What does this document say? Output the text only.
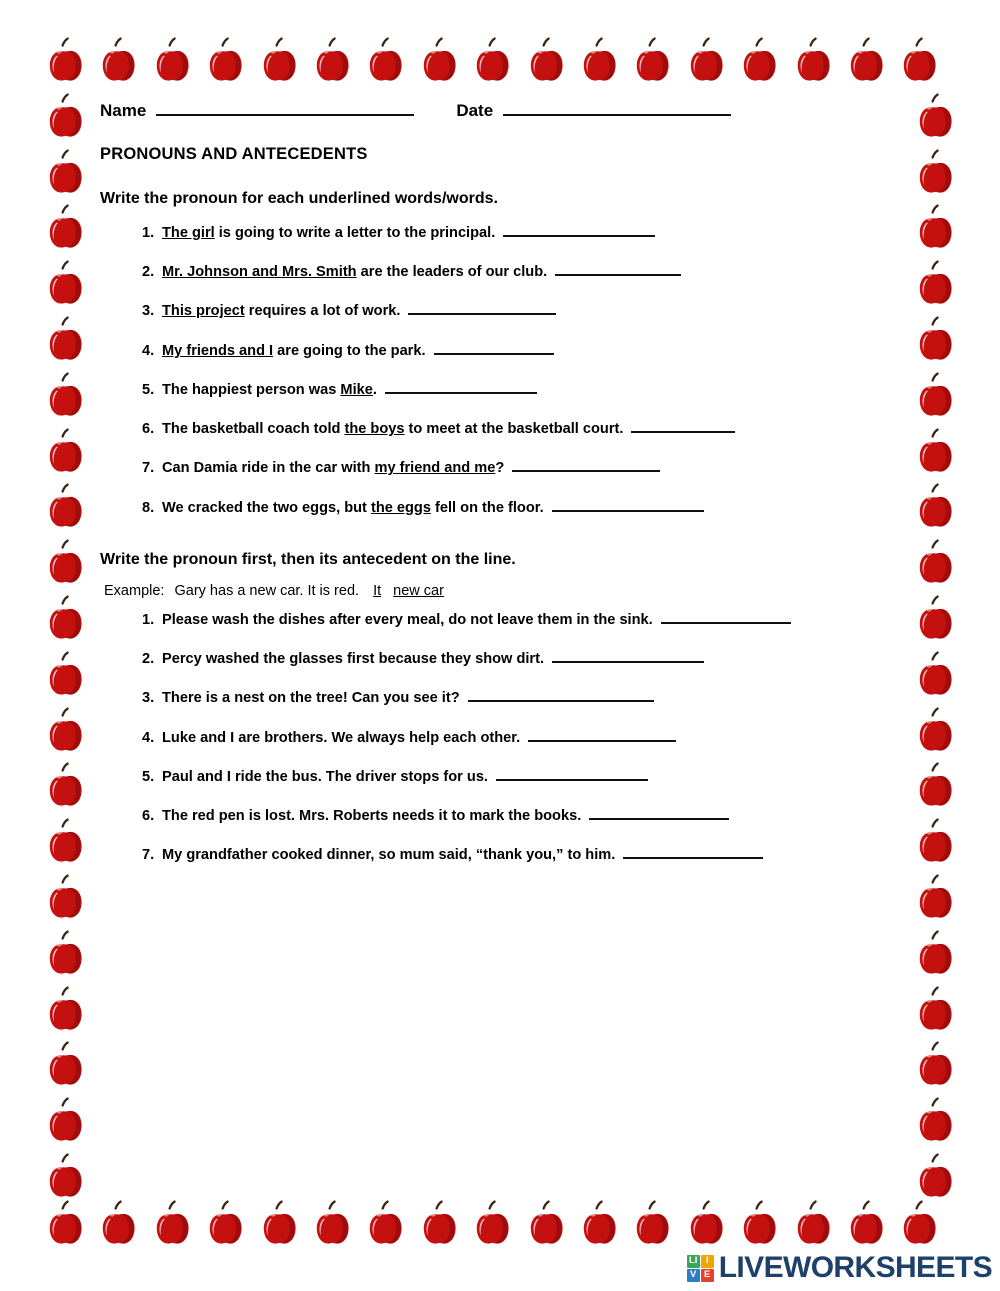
Name	Date
PRONOUNS AND ANTECEDENTS
Write the pronoun for each underlined words/words.
1. The girl is going to write a letter to the principal.
2. Mr. Johnson and Mrs. Smith are the leaders of our club.
3. This project requires a lot of work.
4. My friends and I are going to the park.
5. The happiest person was Mike.
6. The basketball coach told the boys to meet at the basketball court.
7. Can Damia ride in the car with my friend and me?
8. We cracked the two eggs, but the eggs fell on the floor.
Write the pronoun first, then its antecedent on the line.

Example: Gary has a new car. It is red. It new car

1. Please wash the dishes after every meal, do not leave them in the sink.
2. Percy washed the glasses first because they show dirt.
3. There is a nest on the tree! Can you see it?
4. Luke and I are brothers. We always help each other.
5. Paul and I ride the bus. The driver stops for us.
6. The red pen is lost. Mrs. Roberts needs it to mark the books.
7. My grandfather cooked dinner, so mum said, “thank you,” to him.
LI I
V E LIVEWORKSHEETS
